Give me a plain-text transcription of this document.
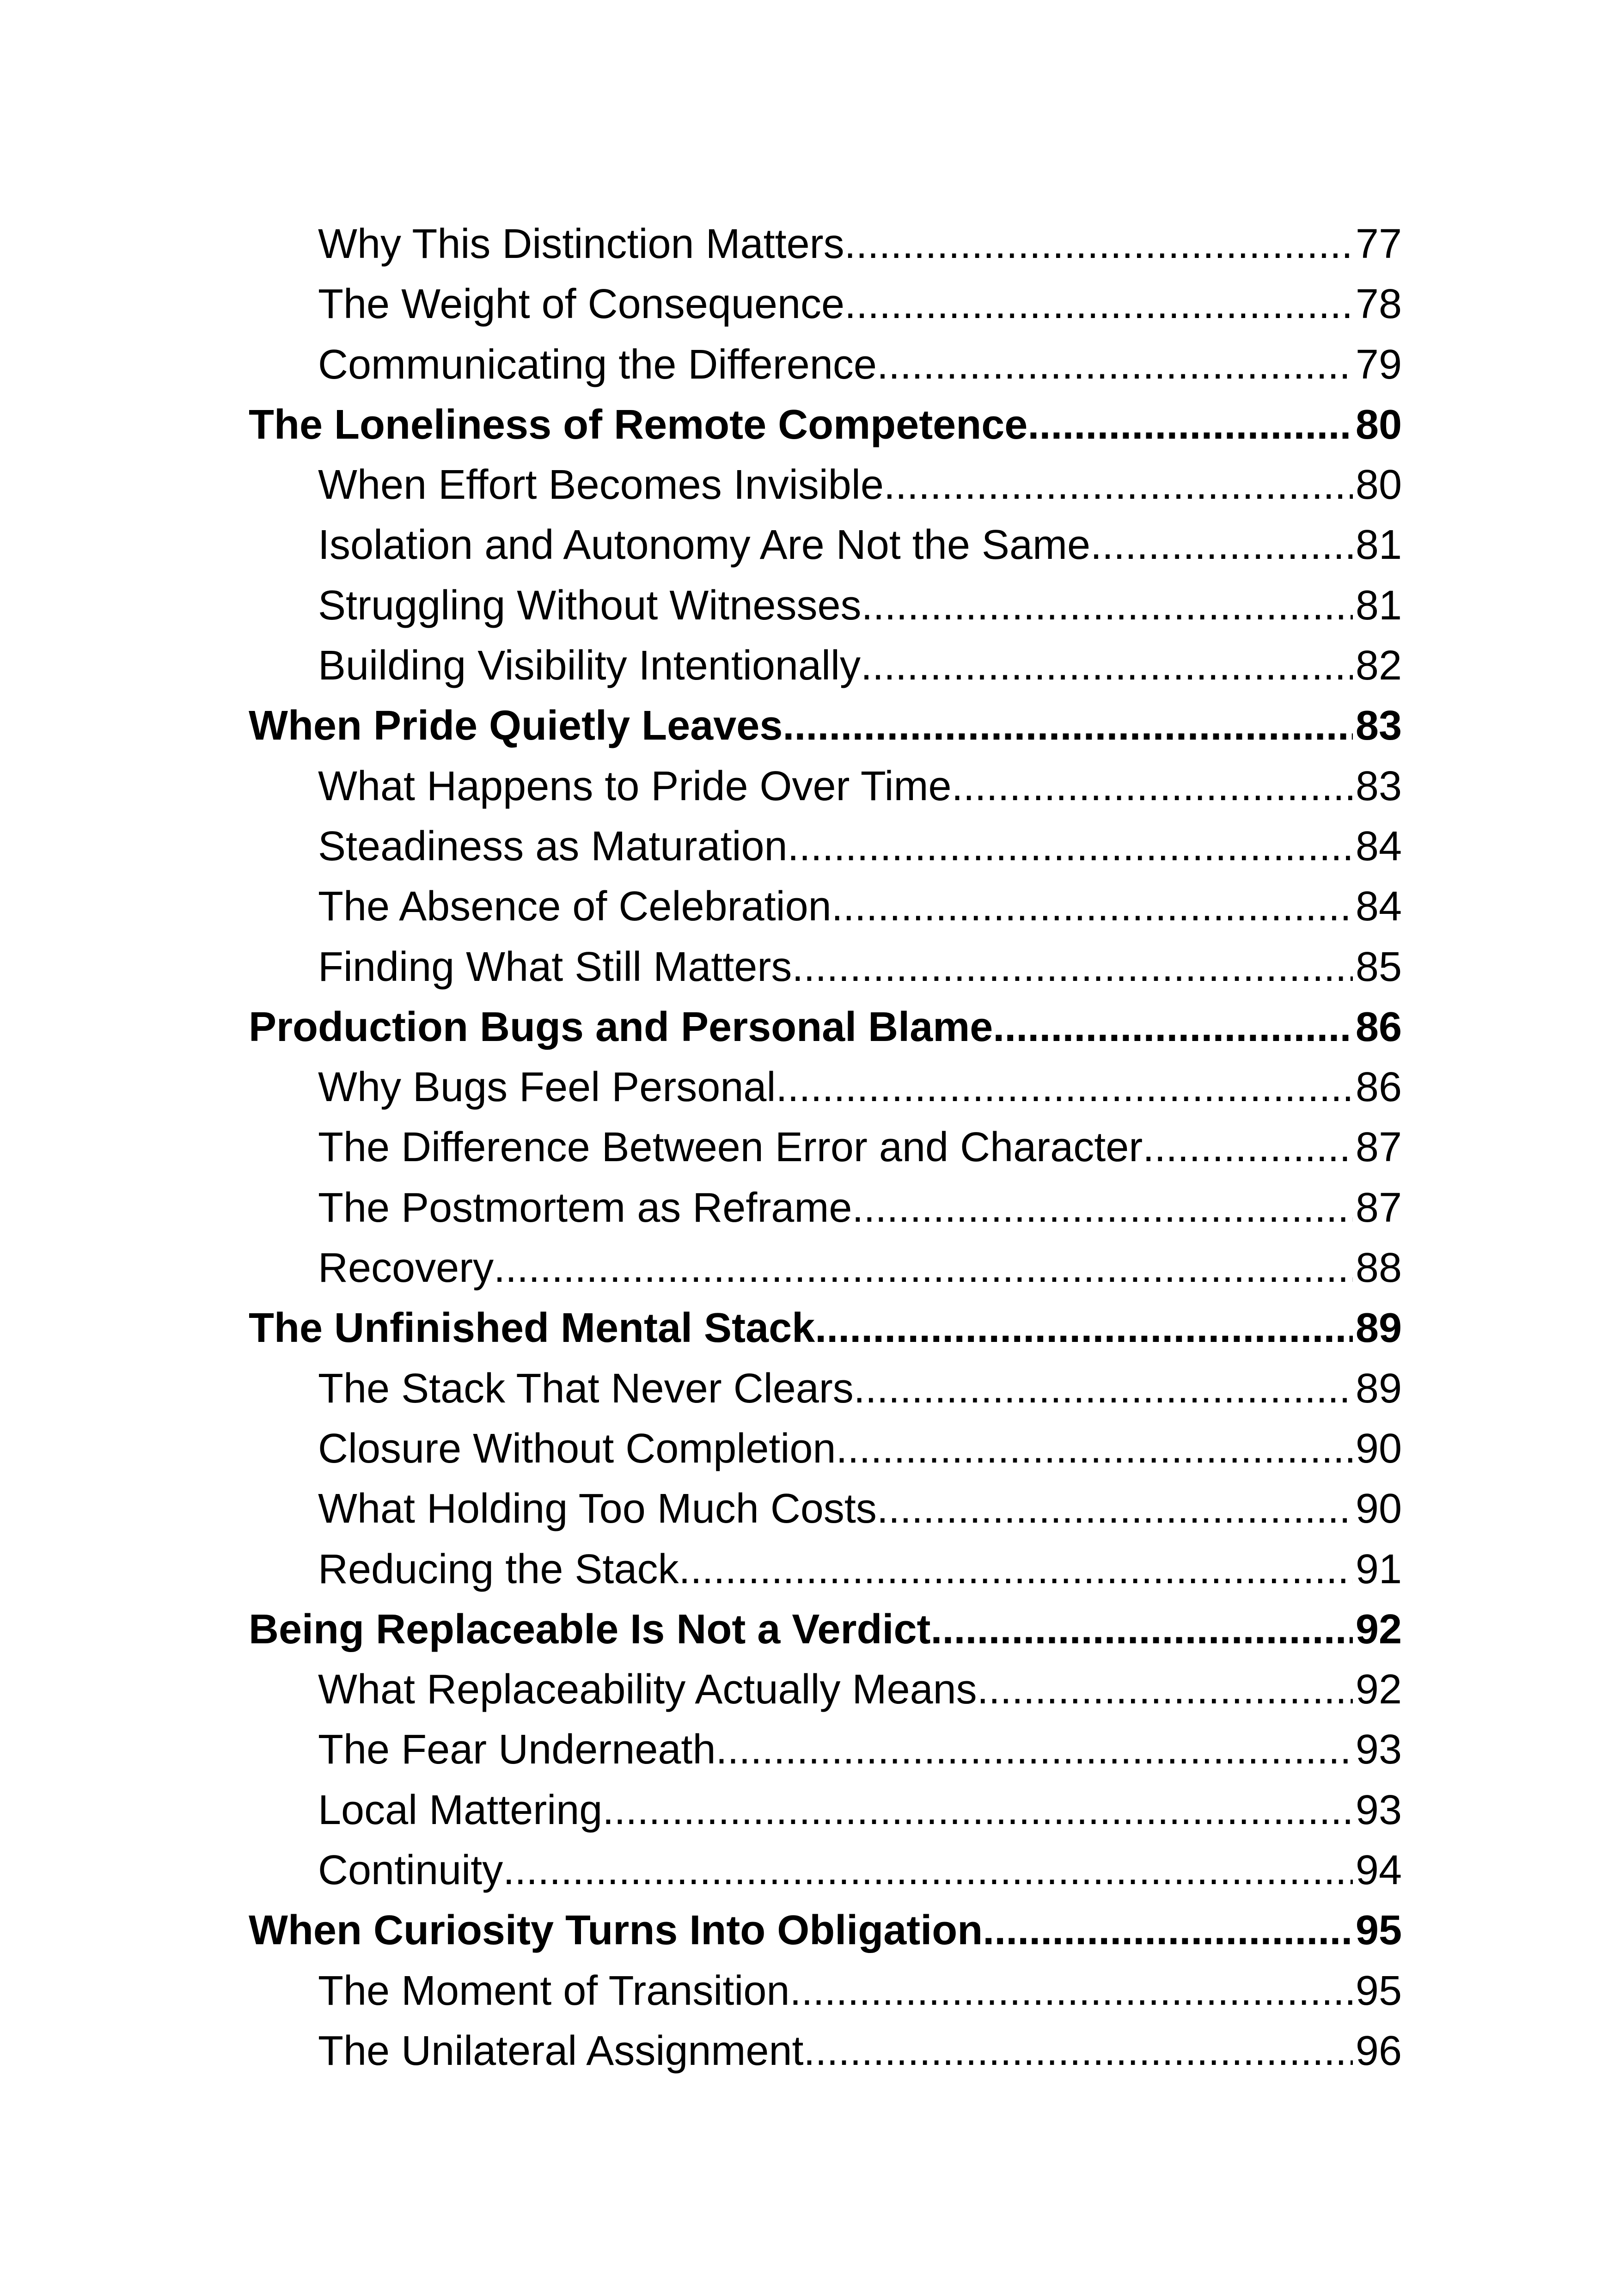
Why This Distinction Matters .....	77
The Weight of Consequence .....	78
Communicating the Difference .....	79
The Loneliness of Remote Competence .....	80
When Effort Becomes Invisible .....	80
Isolation and Autonomy Are Not the Same .....	81
Struggling Without Witnesses .....	81
Building Visibility Intentionally .....	82
When Pride Quietly Leaves .....	83
What Happens to Pride Over Time .....	83
Steadiness as Maturation .....	84
The Absence of Celebration .....	84
Finding What Still Matters .....	85
Production Bugs and Personal Blame .....	86
Why Bugs Feel Personal .....	86
The Difference Between Error and Character .....	87
The Postmortem as Reframe .....	87
Recovery .....	88
The Unfinished Mental Stack .....	89
The Stack That Never Clears .....	89
Closure Without Completion .....	90
What Holding Too Much Costs .....	90
Reducing the Stack .....	91
Being Replaceable Is Not a Verdict .....	92
What Replaceability Actually Means .....	92
The Fear Underneath .....	93
Local Mattering .....	93
Continuity .....	94
When Curiosity Turns Into Obligation .....	95
The Moment of Transition .....	95
The Unilateral Assignment .....	96
